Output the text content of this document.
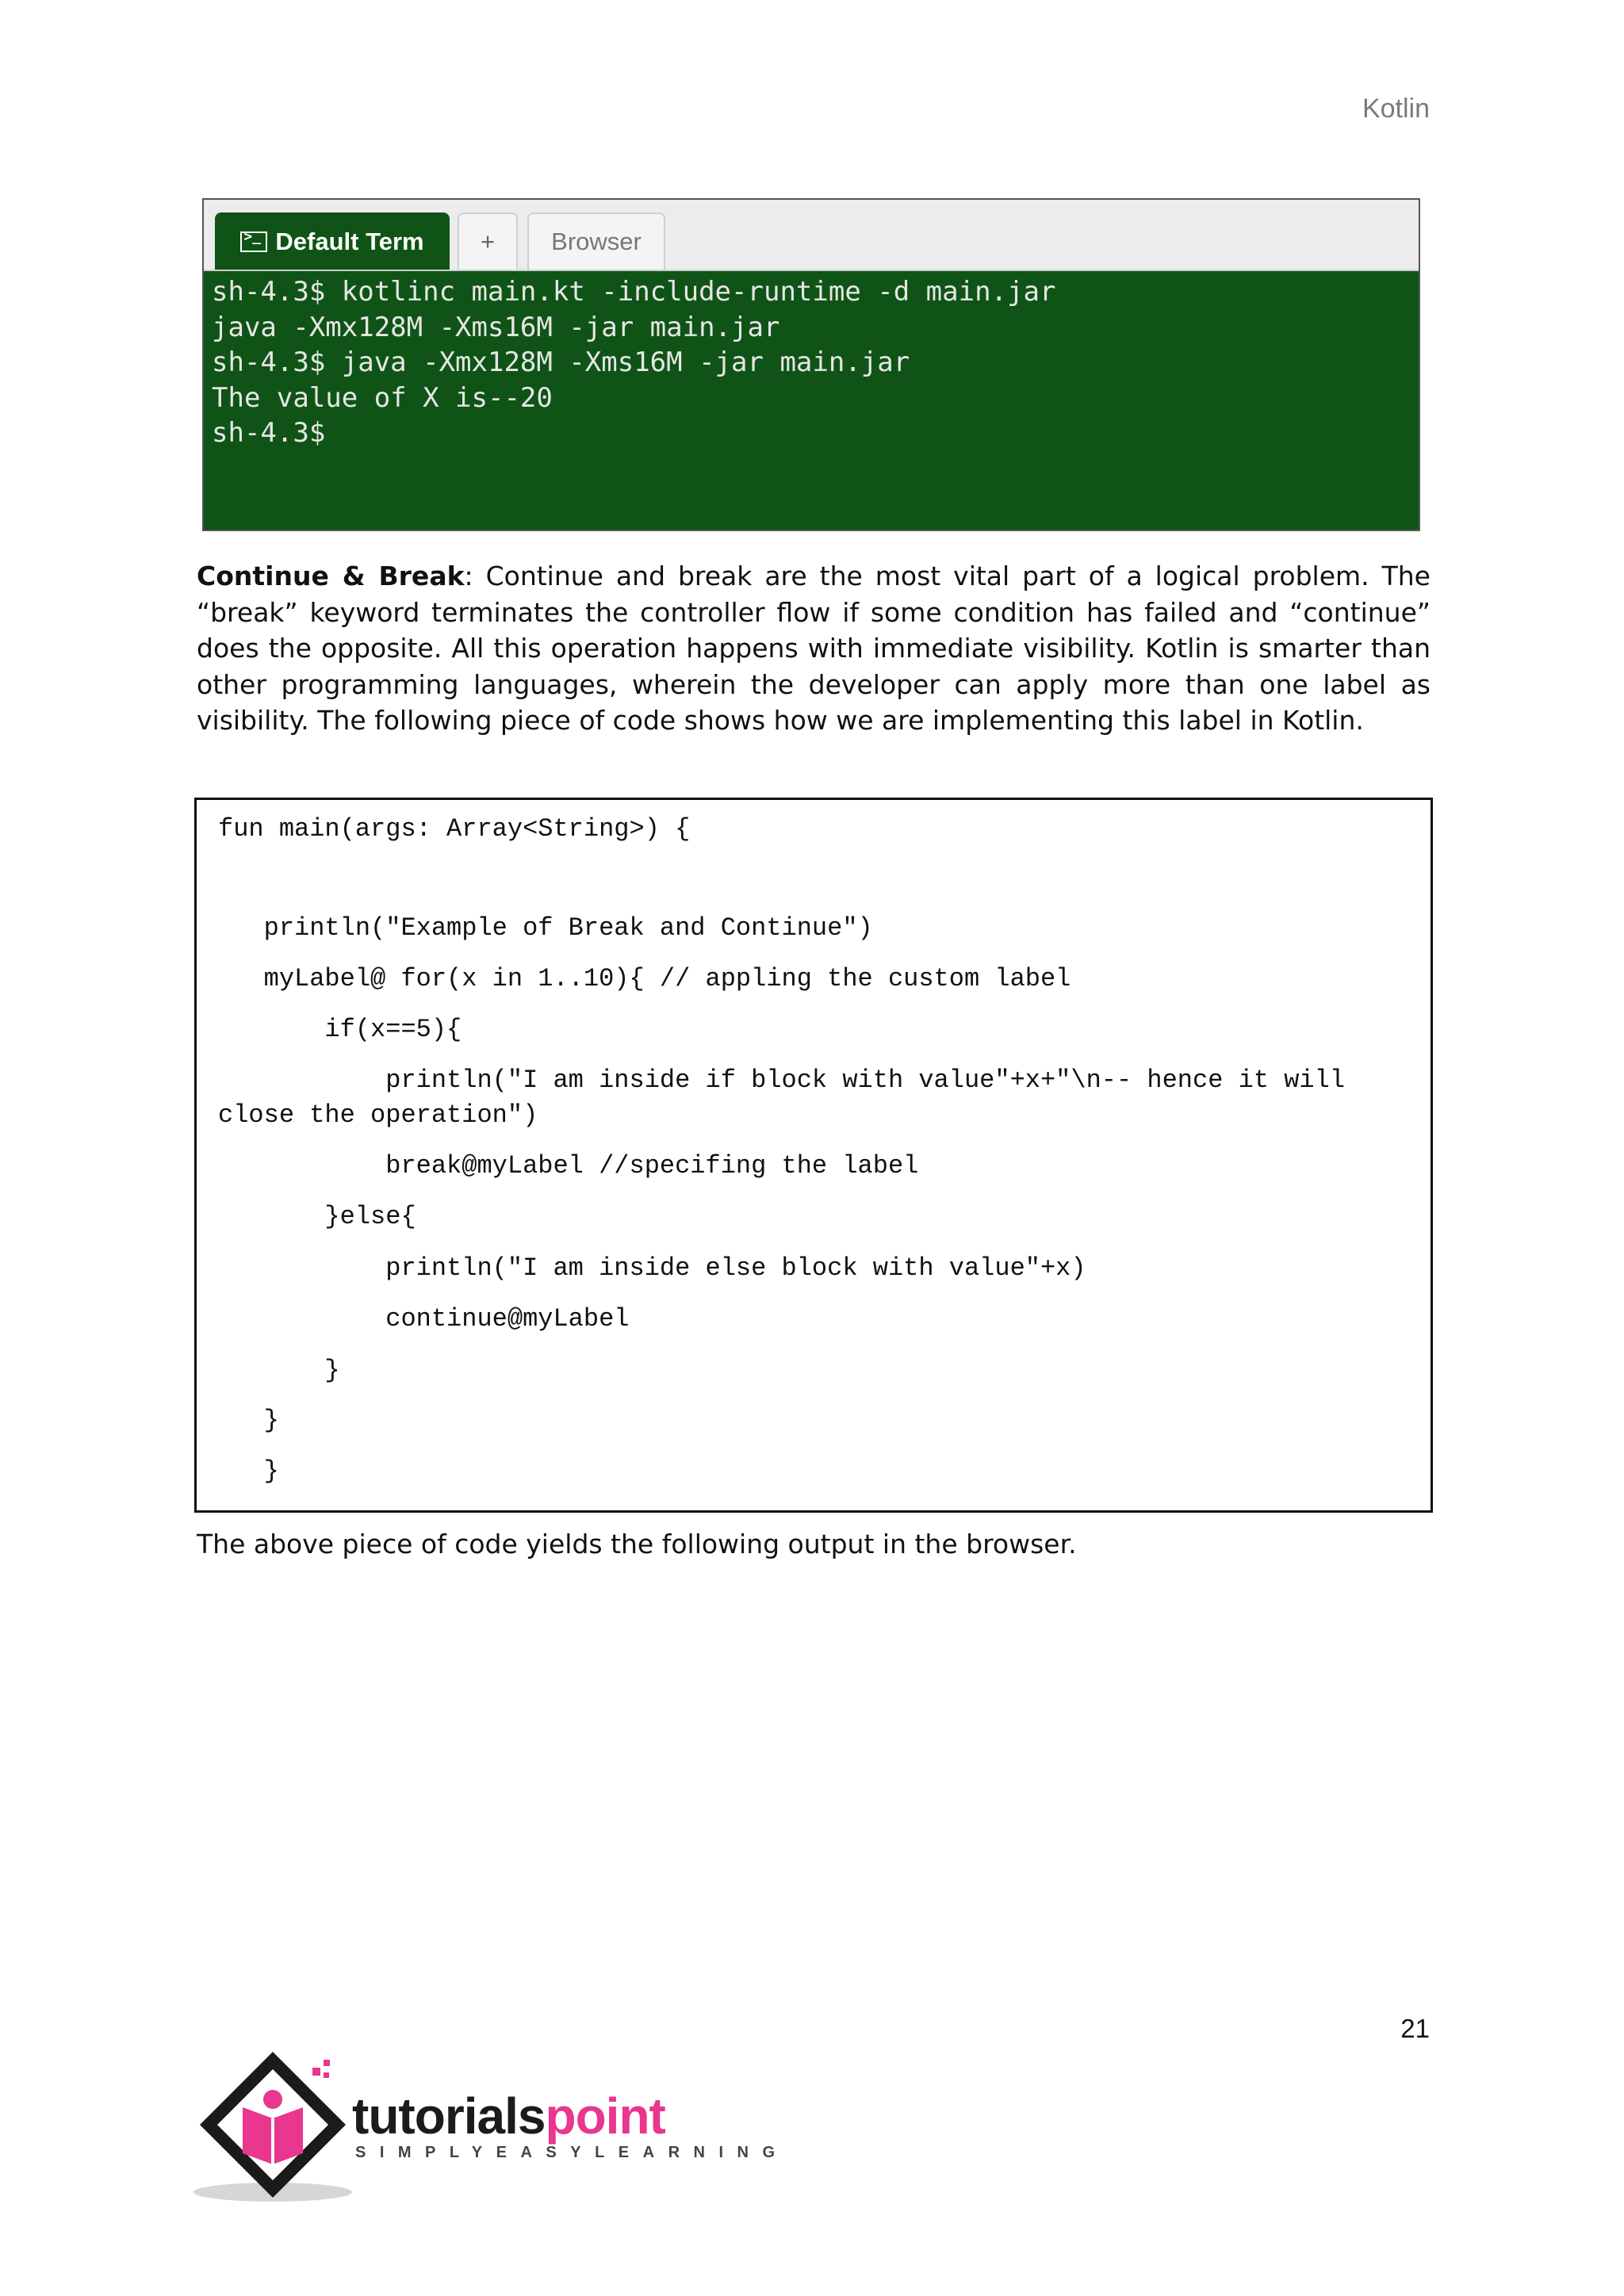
Kotlin
>_
Default Term + Browser
sh-4.3$ kotlinc main.kt -include-runtime -d main.jar
java -Xmx128M -Xms16M -jar main.jar
sh-4.3$ java -Xmx128M -Xms16M -jar main.jar
The value of X is--20
sh-4.3$
Continue & Break: Continue and break are the most vital part of a logical problem. The “break” keyword terminates the controller flow if some condition has failed and “continue” does the opposite. All this operation happens with immediate visibility. Kotlin is smarter than other programming languages, wherein the developer can apply more than one label as visibility. The following piece of code shows how we are implementing this label in Kotlin.
fun main(args: Array<String>) {
println("Example of Break and Continue")
myLabel@ for(x in 1..10){ // appling the custom label
if(x==5){
println("I am inside if block with value"+x+"\n-- hence it will
close the operation")
break@myLabel //specifing the label
}else{
println("I am inside else block with value"+x)
continue@myLabel
}
}
}
The above piece of code yields the following output in the browser.
21
tutorialspoint
SIMPLYEASYLEARNING
